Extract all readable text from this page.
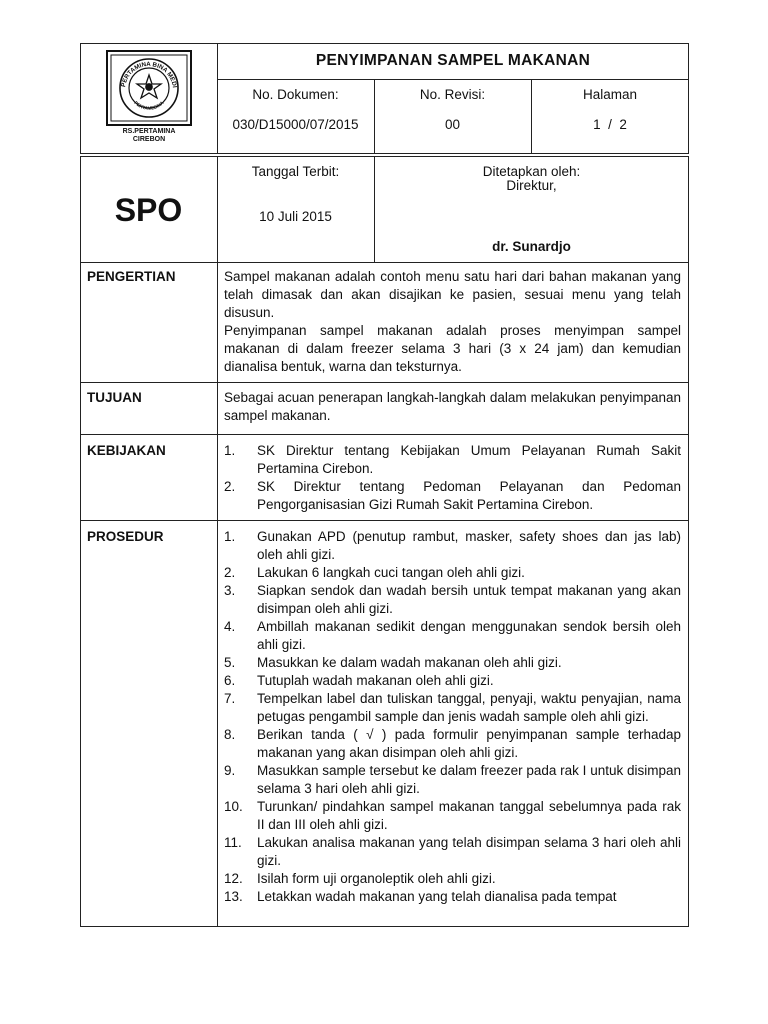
PERTAMINA BINA MEDI
PERTAMEDIKA
RS.PERTAMINA
CIREBON
PENYIMPANAN SAMPEL MAKANAN
No. Dokumen:
030/D15000/07/2015
No. Revisi:
00
Halaman
1  /  2
SPO
Tanggal Terbit:
10 Juli 2015
Ditetapkan oleh:
Direktur,
dr. Sunardjo
PENGERTIAN	Sampel makanan adalah contoh menu satu hari dari bahan makanan yang telah dimasak dan akan disajikan ke pasien, sesuai menu yang telah disusun.

Penyimpanan sampel makanan adalah proses menyimpan sampel makanan di dalam freezer selama 3 hari (3 x 24 jam) dan kemudian dianalisa bentuk, warna dan teksturnya.

TUJUAN	Sebagai acuan penerapan langkah-langkah dalam melakukan penyimpanan sampel makanan.

KEBIJAKAN	1. SK Direktur tentang Kebijakan Umum Pelayanan Rumah Sakit Pertamina Cirebon.
2. SK Direktur tentang Pedoman Pelayanan dan Pedoman Pengorganisasian Gizi Rumah Sakit Pertamina Cirebon.
PROSEDUR	1. Gunakan APD (penutup rambut, masker, safety shoes dan jas lab) oleh ahli gizi.
2. Lakukan 6 langkah cuci tangan oleh ahli gizi.
3. Siapkan sendok dan wadah bersih untuk tempat makanan yang akan disimpan oleh ahli gizi.
4. Ambillah makanan sedikit dengan menggunakan sendok bersih oleh ahli gizi.
5. Masukkan ke dalam wadah makanan oleh ahli gizi.
6. Tutuplah wadah makanan oleh ahli gizi.
7. Tempelkan label dan tuliskan tanggal, penyaji, waktu penyajian, nama petugas pengambil sample dan jenis wadah sample oleh ahli gizi.
8. Berikan tanda ( √ ) pada formulir penyimpanan sample terhadap makanan yang akan disimpan oleh ahli gizi.
9. Masukkan sample tersebut ke dalam freezer pada rak I untuk disimpan selama 3 hari oleh ahli gizi.
10. Turunkan/ pindahkan sampel makanan tanggal sebelumnya pada rak II dan III oleh ahli gizi.
11. Lakukan analisa makanan yang telah disimpan selama 3 hari oleh ahli gizi.
12. Isilah form uji organoleptik oleh ahli gizi.
13. Letakkan wadah makanan yang telah dianalisa pada tempat
